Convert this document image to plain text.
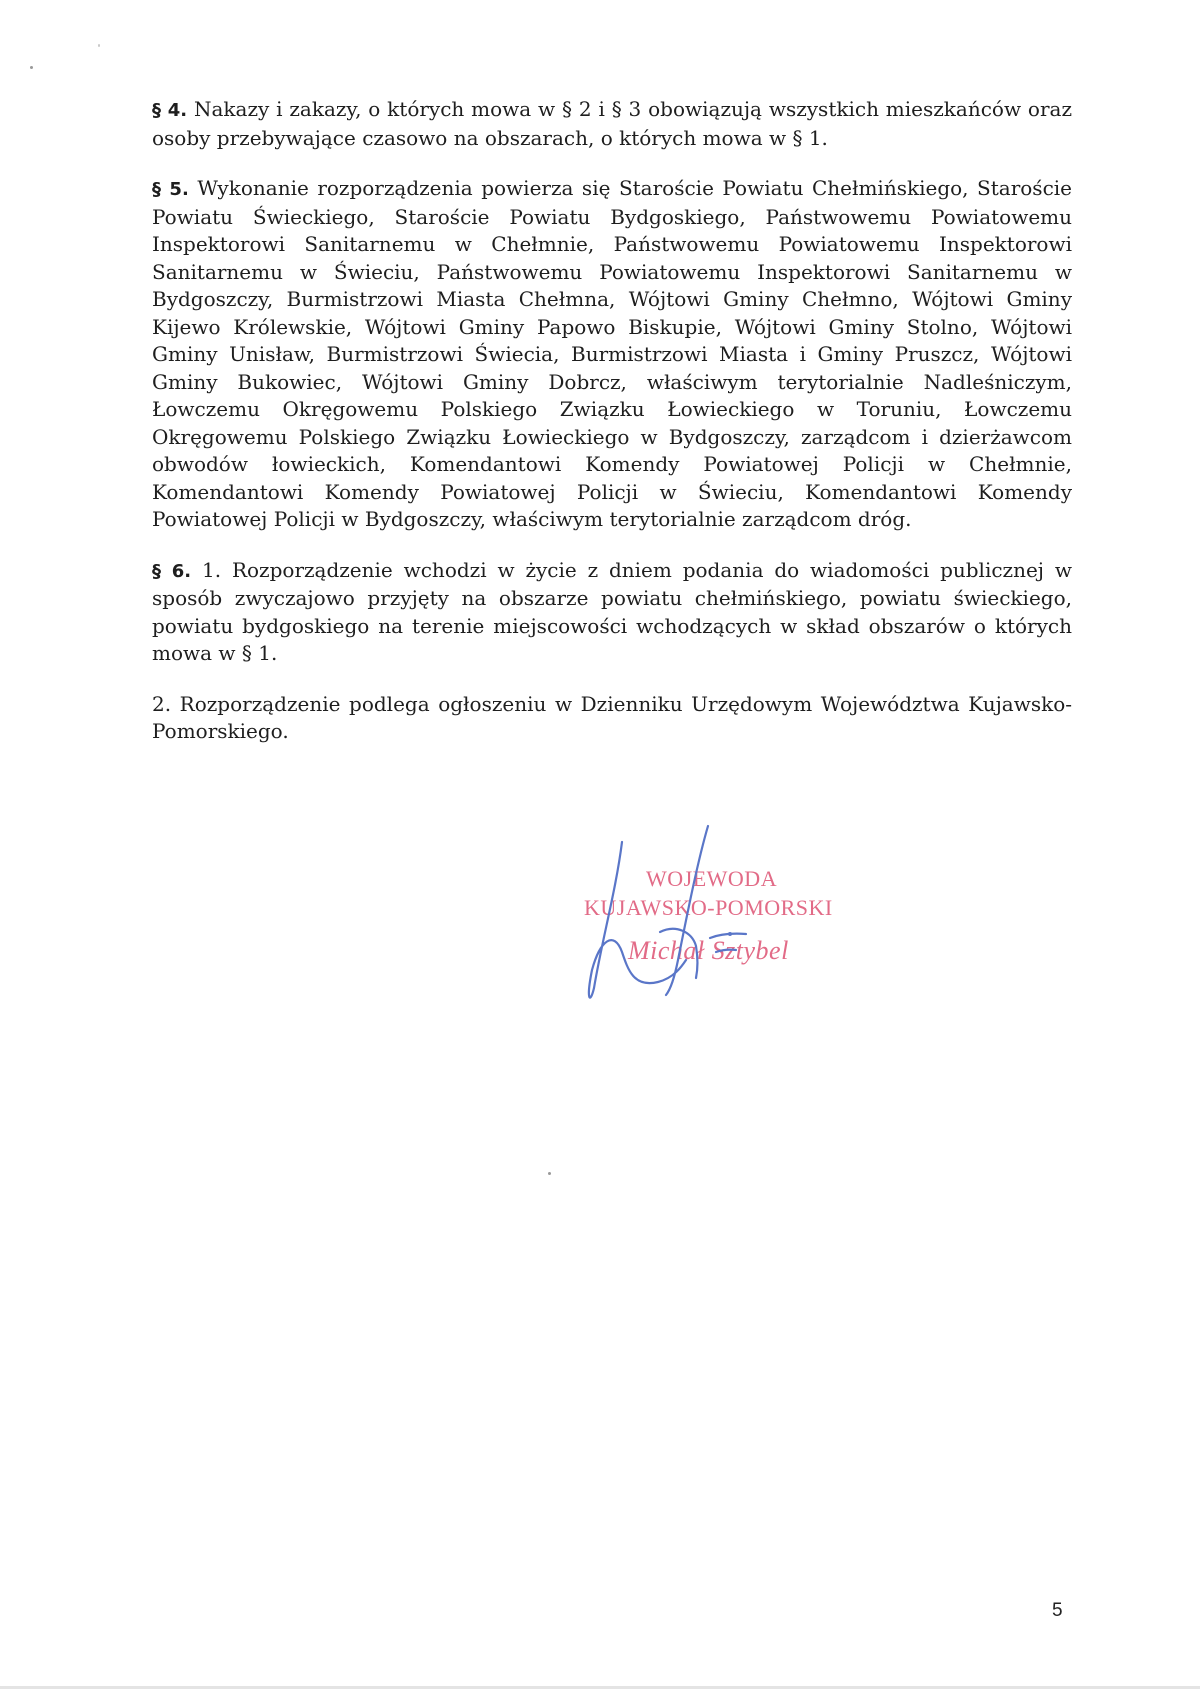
§ 4. Nakazy i zakazy, o których mowa w § 2 i § 3 obowiązują wszystkich mieszkańców oraz osoby przebywające czasowo na obszarach, o których mowa w § 1.

§ 5. Wykonanie rozporządzenia powierza się Staroście Powiatu Chełmińskiego, Staroście Powiatu Świeckiego, Staroście Powiatu Bydgoskiego, Państwowemu Powiatowemu Inspektorowi Sanitarnemu w Chełmnie, Państwowemu Powiatowemu Inspektorowi Sanitarnemu w Świeciu, Państwowemu Powiatowemu Inspektorowi Sanitarnemu w Bydgoszczy, Burmistrzowi Miasta Chełmna, Wójtowi Gminy Chełmno, Wójtowi Gminy Kijewo Królewskie, Wójtowi Gminy Papowo Biskupie, Wójtowi Gminy Stolno, Wójtowi Gminy Unisław, Burmistrzowi Świecia, Burmistrzowi Miasta i Gminy Pruszcz, Wójtowi Gminy Bukowiec, Wójtowi Gminy Dobrcz, właściwym terytorialnie Nadleśniczym, Łowczemu Okręgowemu Polskiego Związku Łowieckiego w Toruniu, Łowczemu Okręgowemu Polskiego Związku Łowieckiego w Bydgoszczy, zarządcom i dzierżawcom obwodów łowieckich, Komendantowi Komendy Powiatowej Policji w Chełmnie, Komendantowi Komendy Powiatowej Policji w Świeciu, Komendantowi Komendy Powiatowej Policji w Bydgoszczy, właściwym terytorialnie zarządcom dróg.

§ 6. 1. Rozporządzenie wchodzi w życie z dniem podania do wiadomości publicznej w sposób zwyczajowo przyjęty na obszarze powiatu chełmińskiego, powiatu świeckiego, powiatu bydgoskiego na terenie miejscowości wchodzących w skład obszarów o których mowa w § 1.

2. Rozporządzenie podlega ogłoszeniu w Dzienniku Urzędowym Województwa Kujawsko-Pomorskiego.

WOJEWODA
KUJAWSKO-POMORSKI
Michał Sztybel
5
